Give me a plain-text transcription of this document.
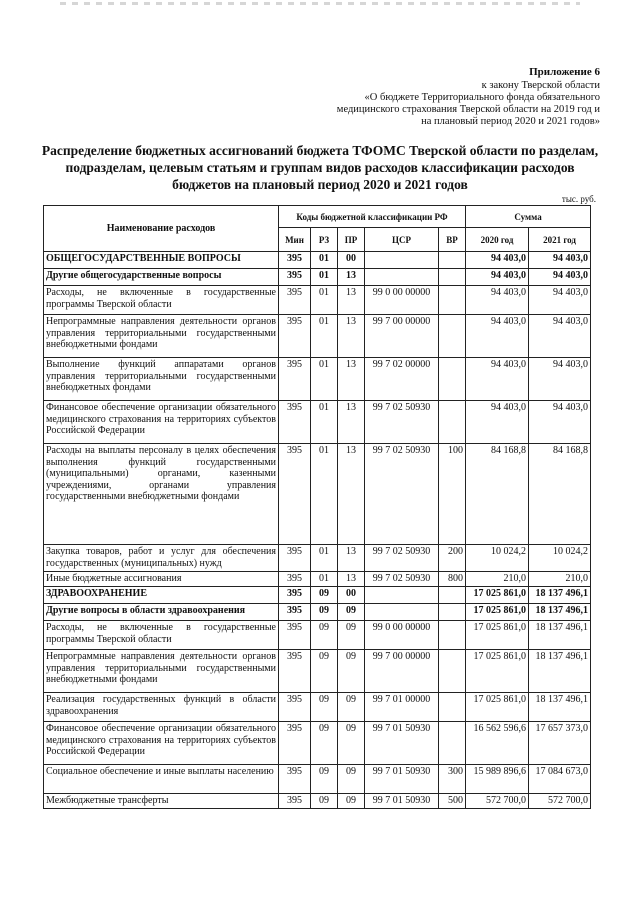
Приложение 6
к закону Тверской области
«О бюджете Территориального фонда обязательного
медицинского страхования Тверской области на 2019 год и
на плановый период 2020 и 2021 годов»
Распределение бюджетных ассигнований бюджета ТФОМС Тверской области по разделам, подразделам, целевым статьям и группам видов расходов классификации расходов бюджетов на плановый период 2020 и 2021 годов
тыс. руб.
Наименование расходов	Коды бюджетной классификации РФ					Сумма	
	Мин	РЗ	ПР	ЦСР	ВР	2020 год	2021 год
ОБЩЕГОСУДАРСТВЕННЫЕ ВОПРОСЫ	395	01	00			94 403,0	94 403,0
Другие общегосударственные вопросы	395	01	13			94 403,0	94 403,0
Расходы, не включенные в государственные программы Тверской области	395	01	13	99 0 00 00000		94 403,0	94 403,0
Непрограммные направления деятельности органов управления территориальными государственными внебюджетными фондами	395	01	13	99 7 00 00000		94 403,0	94 403,0
Выполнение функций аппаратами органов управления территориальными государственными внебюджетных фондами	395	01	13	99 7 02 00000		94 403,0	94 403,0
Финансовое обеспечение организации обязательного медицинского страхования на территориях субъектов Российской Федерации	395	01	13	99 7 02 50930		94 403,0	94 403,0
Расходы на выплаты персоналу в целях обеспечения выполнения функций государственными (муниципальными) органами, казенными учреждениями, органами управления государственными внебюджетными фондами	395	01	13	99 7 02 50930	100	84 168,8	84 168,8
Закупка товаров, работ и услуг для обеспечения государственных (муниципальных) нужд	395	01	13	99 7 02 50930	200	10 024,2	10 024,2
Иные бюджетные ассигнования	395	01	13	99 7 02 50930	800	210,0	210,0
ЗДРАВООХРАНЕНИЕ	395	09	00			17 025 861,0	18 137 496,1
Другие вопросы в области здравоохранения	395	09	09			17 025 861,0	18 137 496,1
Расходы, не включенные в государственные программы Тверской области	395	09	09	99 0 00 00000		17 025 861,0	18 137 496,1
Непрограммные направления деятельности органов управления территориальными государственными внебюджетными фондами	395	09	09	99 7 00 00000		17 025 861,0	18 137 496,1
Реализация государственных функций в области здравоохранения	395	09	09	99 7 01 00000		17 025 861,0	18 137 496,1
Финансовое обеспечение организации обязательного медицинского страхования на территориях субъектов Российской Федерации	395	09	09	99 7 01 50930		16 562 596,6	17 657 373,0
Социальное обеспечение и иные выплаты населению	395	09	09	99 7 01 50930	300	15 989 896,6	17 084 673,0
Межбюджетные трансферты	395	09	09	99 7 01 50930	500	572 700,0	572 700,0
